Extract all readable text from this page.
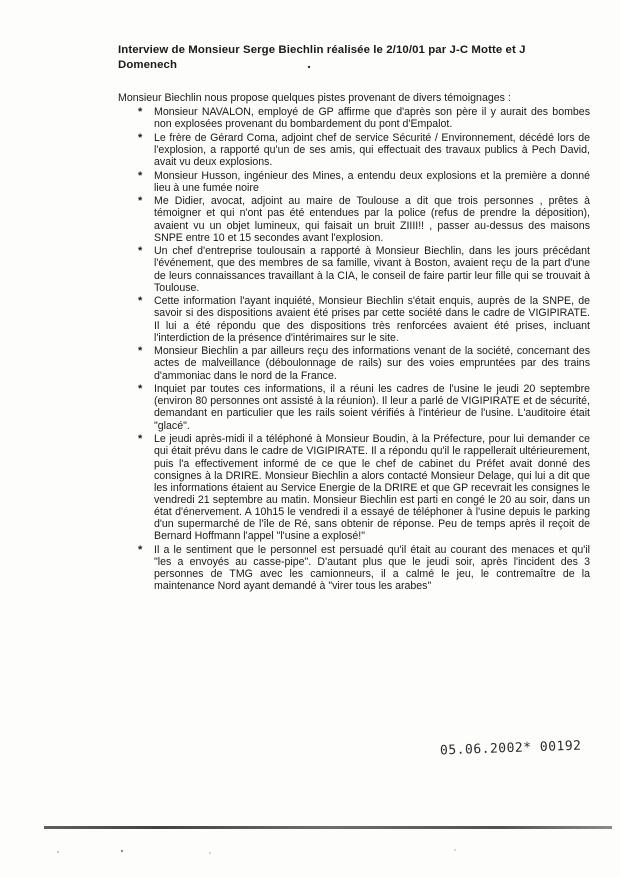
Interview de Monsieur Serge Biechlin réalisée le 2/10/01 par J-C Motte et J Domenech
Monsieur Biechlin nous propose quelques pistes provenant de divers témoignages :
* Monsieur NAVALON, employé de GP affirme que d'après son père il y aurait des bombes non explosées provenant du bombardement du pont d'Empalot.
* Le frère de Gérard Coma, adjoint chef de service Sécurité / Environnement, décédé lors de l'explosion, a rapporté qu'un de ses amis, qui effectuait des travaux publics à Pech David, avait vu deux explosions.
* Monsieur Husson, ingénieur des Mines, a entendu deux explosions et la première a donné lieu à une fumée noire
* Me Didier, avocat, adjoint au maire de Toulouse a dit que trois personnes , prêtes à témoigner et qui n'ont pas été entendues par la police (refus de prendre la déposition), avaient vu un objet lumineux, qui faisait un bruit ZIIII!! , passer au-dessus des maisons SNPE entre 10 et 15 secondes avant l'explosion.
* Un chef d'entreprise toulousain a rapporté à Monsieur Biechlin, dans les jours précédant l'événement, que des membres de sa famille, vivant à Boston, avaient reçu de la part d'une de leurs connaissances travaillant à la CIA, le conseil de faire partir leur fille qui se trouvait à Toulouse.
* Cette information l'ayant inquiété, Monsieur Biechlin s'était enquis, auprès de la SNPE, de savoir si des dispositions avaient été prises par cette société dans le cadre de VIGIPIRATE. Il lui a été répondu que des dispositions très renforcées avaient été prises, incluant l'interdiction de la présence d'intérimaires sur le site.
* Monsieur Biechlin a par ailleurs reçu des informations venant de la société, concernant des actes de malveillance (déboulonnage de rails) sur des voies empruntées par des trains d'ammoniac dans le nord de la France.
* Inquiet par toutes ces informations, il a réuni les cadres de l'usine le jeudi 20 septembre (environ 80 personnes ont assisté à la réunion). Il leur a parlé de VIGIPIRATE et de sécurité, demandant en particulier que les rails soient vérifiés à l'intérieur de l'usine. L'auditoire était "glacé".
* Le jeudi après-midi il a téléphoné à Monsieur Boudin, à la Préfecture, pour lui demander ce qui était prévu dans le cadre de VIGIPIRATE. Il a répondu qu'il le rappellerait ultérieurement, puis l'a effectivement informé de ce que le chef de cabinet du Préfet avait donné des consignes à la DRIRE. Monsieur Biechlin a alors contacté Monsieur Delage, qui lui a dit que les informations étaient au Service Energie de la DRIRE et que GP recevrait les consignes le vendredi 21 septembre au matin. Monsieur Biechlin est parti en congé le 20 au soir, dans un état d'énervement. A 10h15 le vendredi il a essayé de téléphoner à l'usine depuis le parking d'un supermarché de l'île de Ré, sans obtenir de réponse. Peu de temps après il reçoit de Bernard Hoffmann l'appel "l'usine a explosé!"
* Il a le sentiment que le personnel est persuadé qu'il était au courant des menaces et qu'il "les a envoyés au casse-pipe". D'autant plus que le jeudi soir, après l'incident des 3 personnes de TMG avec les camionneurs, il a calmé le jeu, le contremaître de la maintenance Nord ayant demandé à "virer tous les arabes"
05.06.2002* 00192
